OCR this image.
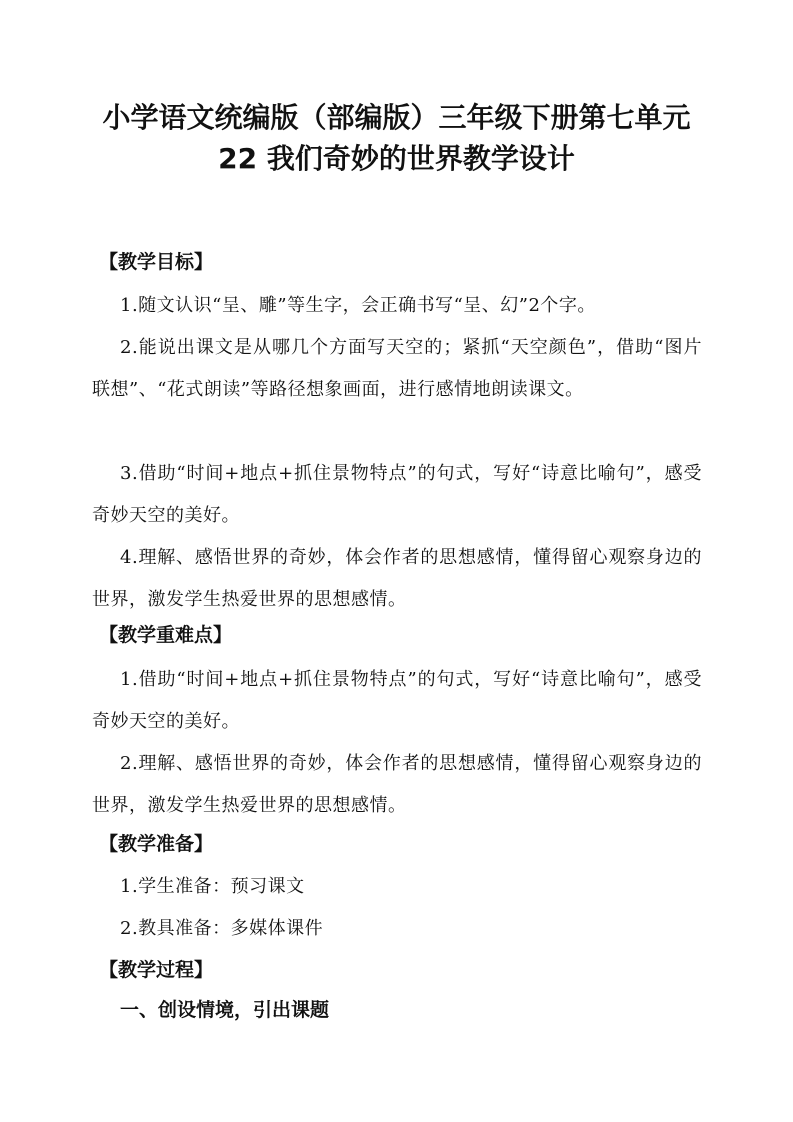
小学语文统编版（部编版）三年级下册第七单元
22 我们奇妙的世界教学设计
【教学目标】

1.随文认识“呈、雕”等生字，会正确书写“呈、幻”2个字。

2.能说出课文是从哪几个方面写天空的；紧抓“天空颜色”，借助“图片联想”、“花式朗读”等路径想象画面，进行感情地朗读课文。

3.借助“时间+地点+抓住景物特点”的句式，写好“诗意比喻句”，感受奇妙天空的美好。

4.理解、感悟世界的奇妙，体会作者的思想感情，懂得留心观察身边的世界，激发学生热爱世界的思想感情。

【教学重难点】

1.借助“时间+地点+抓住景物特点”的句式，写好“诗意比喻句”，感受奇妙天空的美好。

2.理解、感悟世界的奇妙，体会作者的思想感情，懂得留心观察身边的世界，激发学生热爱世界的思想感情。

【教学准备】

1.学生准备：预习课文

2.教具准备：多媒体课件

【教学过程】
一、创设情境，引出课题
